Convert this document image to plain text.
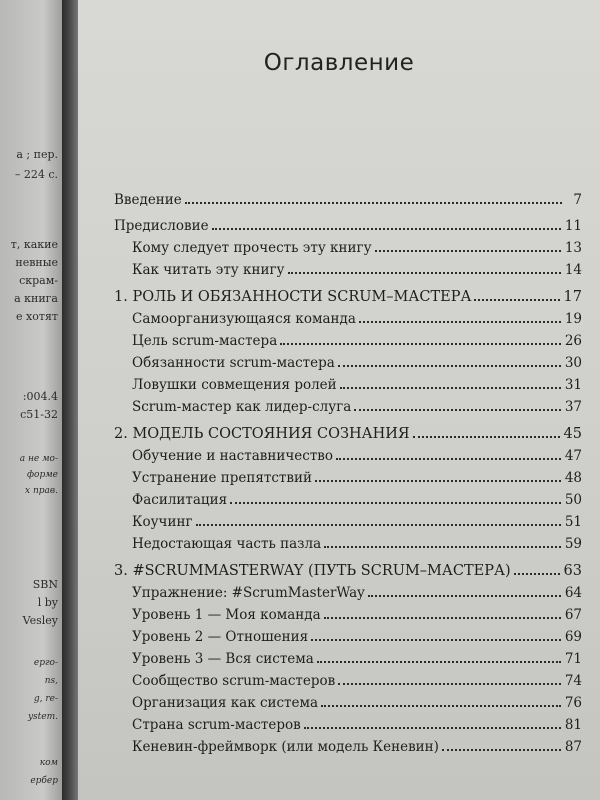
а ; пер.
– 224 с.
т, какие
невные
скрам-
а книга
е хотят
:004.4
с51-32
а не мо-
форме
х прав.
SBN
l by
Vesley
ерго-
ns,
g, re-
ystem.
ком
ербер
Оглавление
Введение	7
Предисловие	11
Кому следует прочесть эту книгу	13
Как читать эту книгу	14
1. РОЛЬ И ОБЯЗАННОСТИ SCRUM–МАСТЕРА	17
Самоорганизующаяся команда	19
Цель scrum-мастера	26
Обязанности scrum-мастера	30
Ловушки совмещения ролей	31
Scrum-мастер как лидер-слуга	37
2. МОДЕЛЬ СОСТОЯНИЯ СОЗНАНИЯ	45
Обучение и наставничество	47
Устранение препятствий	48
Фасилитация	50
Коучинг	51
Недостающая часть пазла	59
3. #SCRUMMASTERWAY (ПУТЬ SCRUM–МАСТЕРА)	63
Упражнение: #ScrumMasterWay	64
Уровень 1 — Моя команда	67
Уровень 2 — Отношения	69
Уровень 3 — Вся система	71
Сообщество scrum-мастеров	74
Организация как система	76
Страна scrum-мастеров	81
Кеневин-фреймворк (или модель Кеневин)	87
